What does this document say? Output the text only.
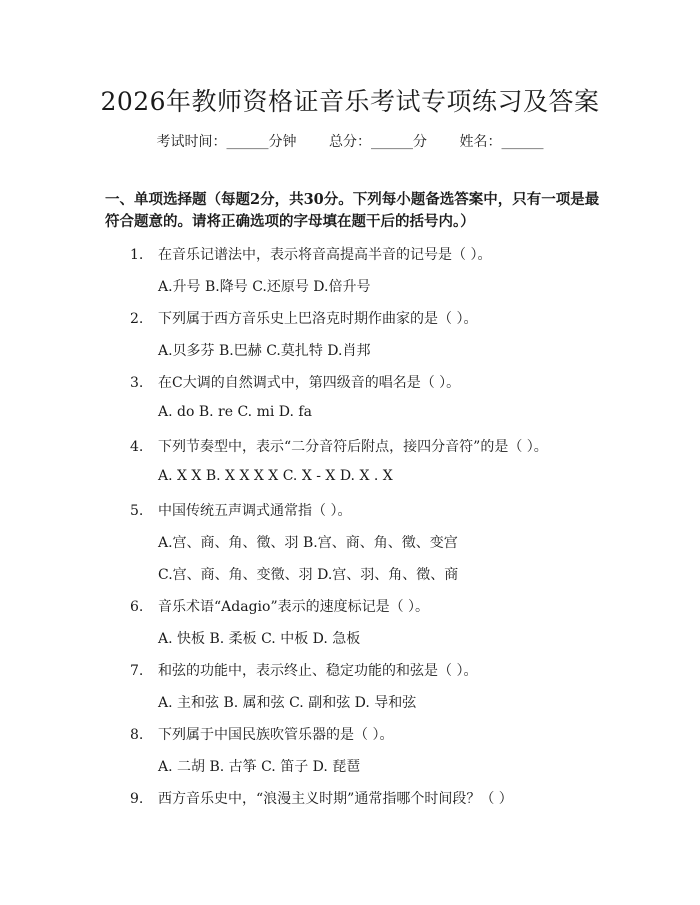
2026年教师资格证音乐考试专项练习及答案
考试时间：______分钟 总分：______分 姓名：______
一、单项选择题（每题2分，共30分。下列每小题备选答案中，只有一项是最符合题意的。请将正确选项的字母填在题干后的括号内。）
1. 在音乐记谱法中，表示将音高提高半音的记号是（ ）。
A.升号 B.降号 C.还原号 D.倍升号
2. 下列属于西方音乐史上巴洛克时期作曲家的是（ ）。
A.贝多芬 B.巴赫 C.莫扎特 D.肖邦
3. 在C大调的自然调式中，第四级音的唱名是（ ）。
A. do B. re C. mi D. fa
4. 下列节奏型中，表示“二分音符后附点，接四分音符”的是（ ）。
A. X X B. X X X X C. X - X D. X . X
5. 中国传统五声调式通常指（ ）。
A.宫、商、角、徵、羽 B.宫、商、角、徵、变宫
C.宫、商、角、变徵、羽 D.宫、羽、角、徵、商
6. 音乐术语“Adagio”表示的速度标记是（ ）。
A. 快板 B. 柔板 C. 中板 D. 急板
7. 和弦的功能中，表示终止、稳定功能的和弦是（ ）。
A. 主和弦 B. 属和弦 C. 副和弦 D. 导和弦
8. 下列属于中国民族吹管乐器的是（ ）。
A. 二胡 B. 古筝 C. 笛子 D. 琵琶
9. 西方音乐史中，“浪漫主义时期”通常指哪个时间段？（ ）
